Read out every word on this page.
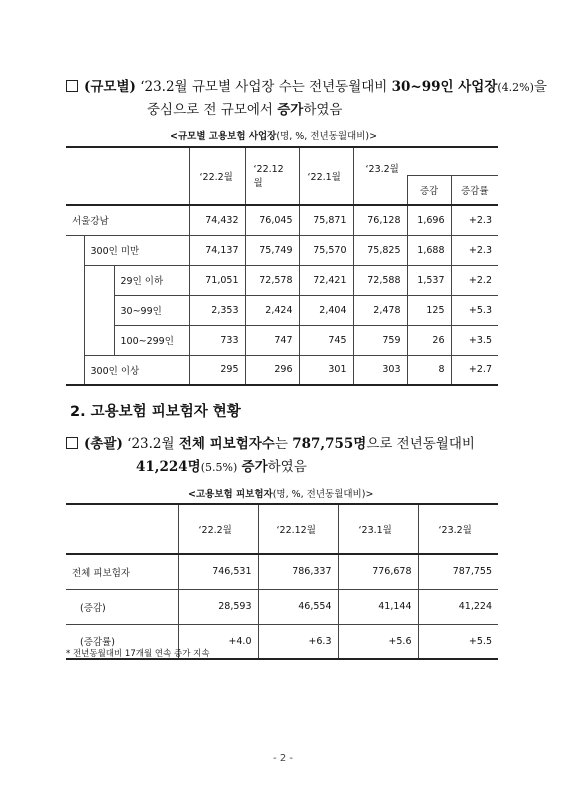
(규모별) ‘23.2월 규모별 사업장 수는 전년동월대비 30~99인 사업장(4.2%)을
중심으로 전 규모에서 증가하였음
<규모별 고용보험 사업장(명, %, 전년동월대비)>
			‘22.2월	‘22.12월	‘22.1월	‘23.2월		
							증감	증감률
서울강남			74,432	76,045	75,871	76,128	1,696	+2.3
	300인 미만		74,137	75,749	75,570	75,825	1,688	+2.3
		29인 이하	71,051	72,578	72,421	72,588	1,537	+2.2
		30~99인	2,353	2,424	2,404	2,478	125	+5.3
		100~299인	733	747	745	759	26	+3.5
	300인 이상		295	296	301	303	8	+2.7
2. 고용보험 피보험자 현황
(총괄) ‘23.2월 전체 피보험자수는 787,755명으로 전년동월대비
41,224명(5.5%) 증가하였음
<고용보험 피보험자(명, %, 전년동월대비)>
	‘22.2월	‘22.12월	‘23.1월	‘23.2월
전체 피보험자	746,531	786,337	776,678	787,755
(증감)	28,593	46,554	41,144	41,224
(증감률)	+4.0	+6.3	+5.6	+5.5
* 전년동월대비 17개월 연속 증가 지속
- 2 -
